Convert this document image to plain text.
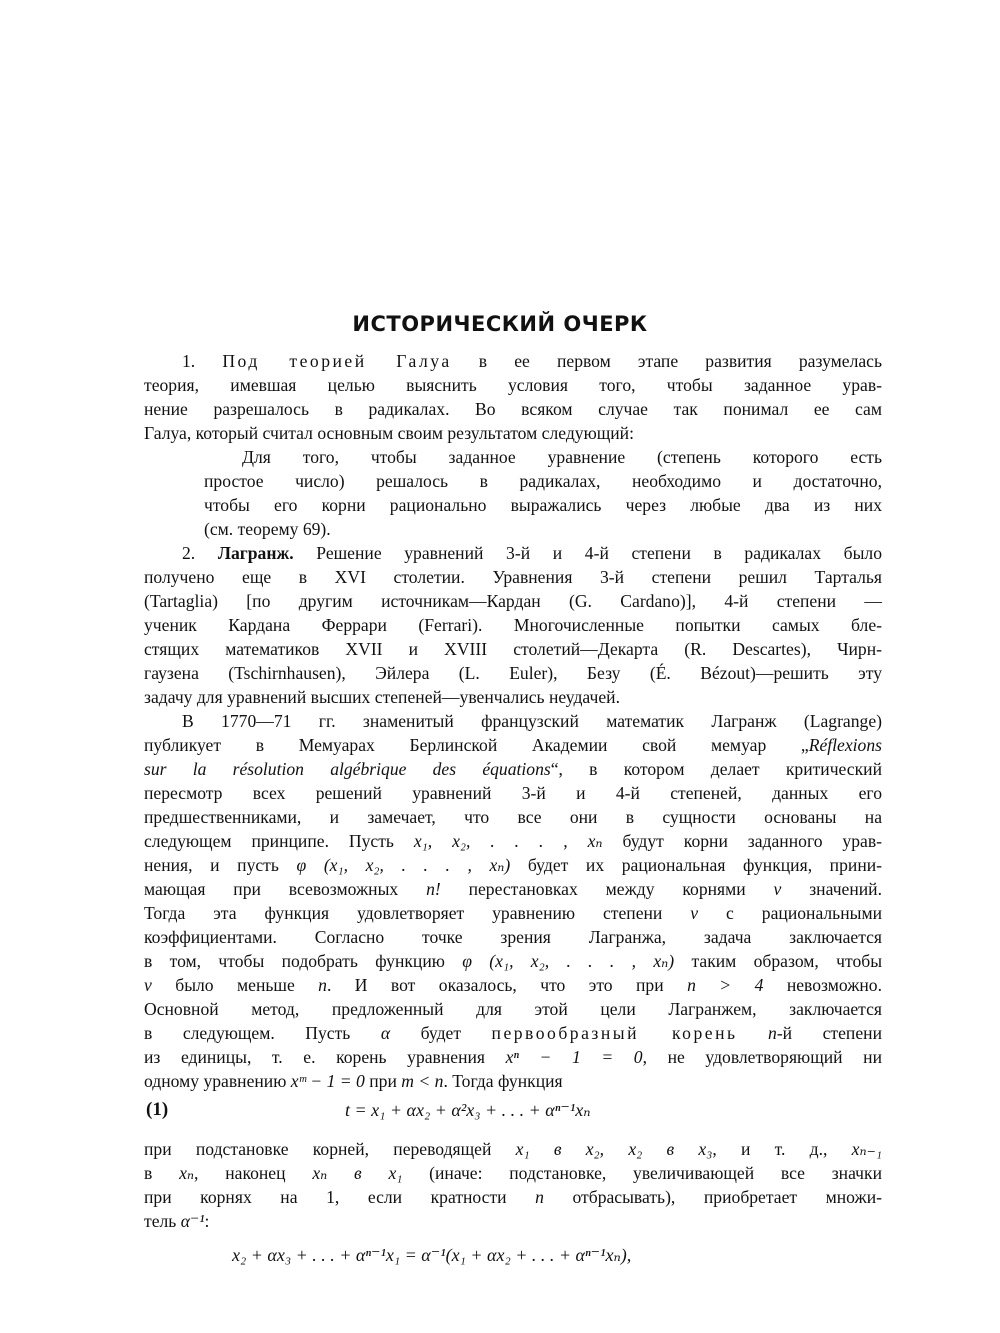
ИСТОРИЧЕСКИЙ ОЧЕРК
1. Под теорией Галуа в ее первом этапе развития разумелась
теория, имевшая целью выяснить условия того, чтобы заданное урав-
нение разрешалось в радикалах. Во всяком случае так понимал ее сам
Галуа, который считал основным своим результатом следующий:
Для того, чтобы заданное уравнение (степень которого есть
простое число) решалось в радикалах, необходимо и достаточно,
чтобы его корни рационально выражались через любые два из них
(см. теорему 69).
2. Лагранж. Решение уравнений 3-й и 4-й степени в радикалах было
получено еще в XVI столетии. Уравнения 3-й степени решил Тарталья
(Tartaglia) [по другим источникам—Кардан (G. Cardano)], 4-й степени —
ученик Кардана Феррари (Ferrari). Многочисленные попытки самых бле-
стящих математиков XVII и XVIII столетий—Декарта (R. Descartes), Чирн-
гаузена (Tschirnhausen), Эйлера (L. Euler), Безу (É. Bézout)—решить эту
задачу для уравнений высших степеней—увенчались неудачей.
В 1770—71 гг. знаменитый французский математик Лагранж (Lagrange)
публикует в Мемуарах Берлинской Академии свой мемуар „Réflexions
sur la résolution algébrique des équations“, в котором делает критический
пересмотр всех решений уравнений 3-й и 4-й степеней, данных его
предшественниками, и замечает, что все они в сущности основаны на
следующем принципе. Пусть x₁, x₂, . . . , xₙ будут корни заданного урав-
нения, и пусть φ (x₁, x₂, . . . , xₙ) будет их рациональная функция, прини-
мающая при всевозможных n! перестановках между корнями v значений.
Тогда эта функция удовлетворяет уравнению степени v с рациональными
коэффициентами. Согласно точке зрения Лагранжа, задача заключается
в том, чтобы подобрать функцию φ (x₁, x₂, . . . , xₙ) таким образом, чтобы
v было меньше n. И вот оказалось, что это при n > 4 невозможно.
Основной метод, предложенный для этой цели Лагранжем, заключается
в следующем. Пусть α будет первообразный корень n-й степени
из единицы, т. е. корень уравнения xⁿ − 1 = 0, не удовлетворяющий ни
одному уравнению xᵐ − 1 = 0 при m < n. Тогда функция
(1)	t = x₁ + αx₂ + α²x₃ + . . . + αⁿ⁻¹xₙ
при подстановке корней, переводящей x₁ в x₂, x₂ в x₃, и т. д., xₙ₋₁
в xₙ, наконец xₙ в x₁ (иначе: подстановке, увеличивающей все значки
при корнях на 1, если кратности n отбрасывать), приобретает множи-
тель α⁻¹:
x₂ + αx₃ + . . . + αⁿ⁻¹x₁ = α⁻¹(x₁ + αx₂ + . . . + αⁿ⁻¹xₙ),
